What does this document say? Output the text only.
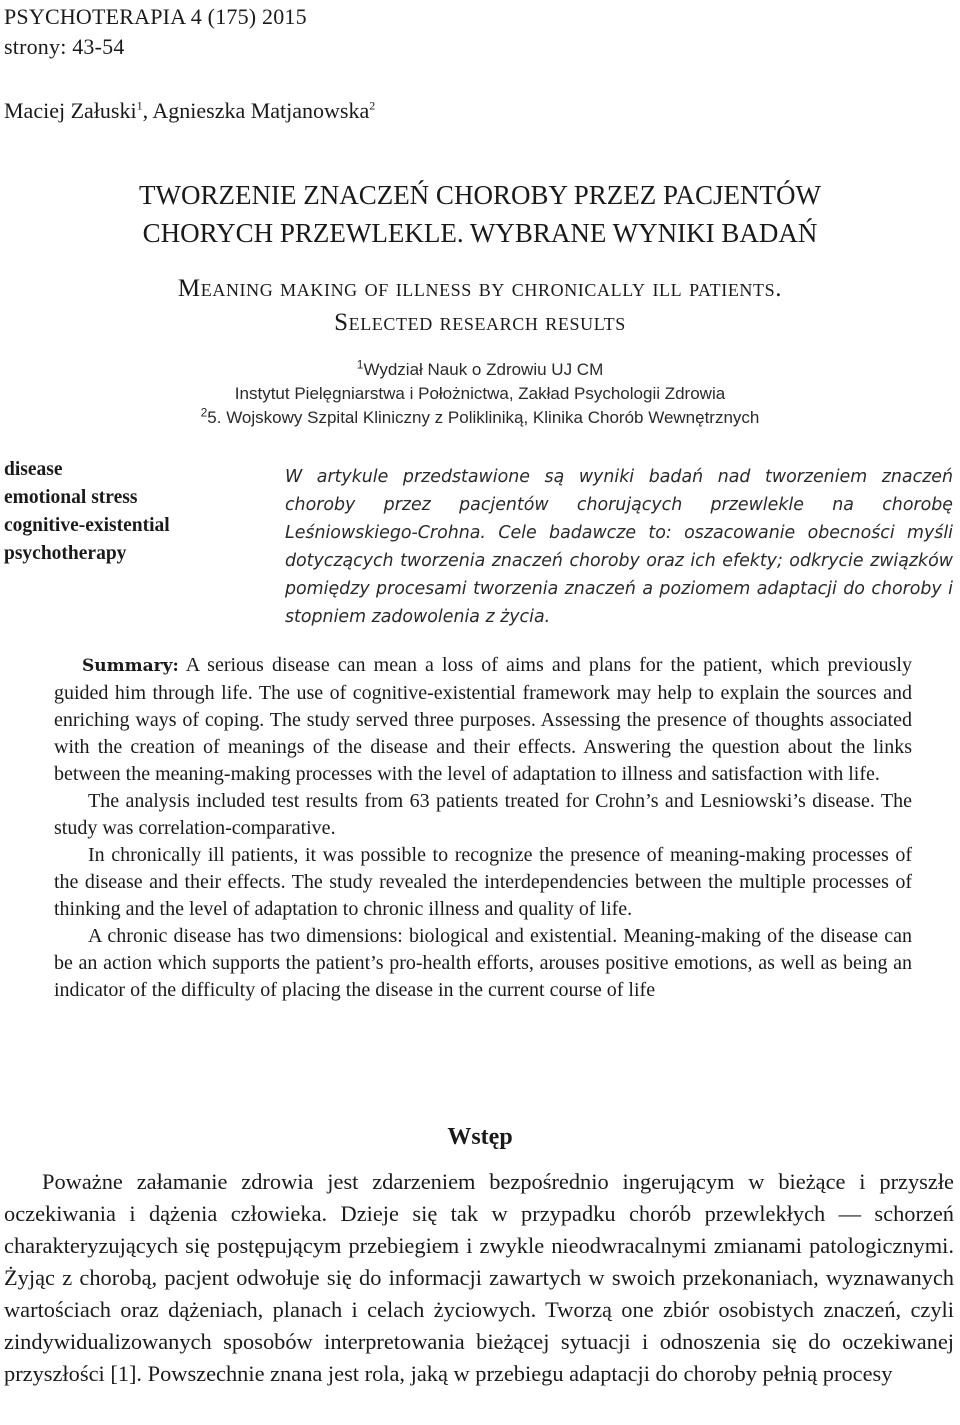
PSYCHOTERAPIA 4 (175) 2015
strony: 43-54
Maciej Załuski$^1$, Agnieszka Matjanowska$^2$
TWORZENIE ZNACZEŃ CHOROBY PRZEZ PACJENTÓW
CHORYCH PRZEWLEKLE. WYBRANE WYNIKI BADAŃ
Meaning making of illness by chronically ill patients.
Selected research results
$^1$Wydział Nauk o Zdrowiu UJ CM
Instytut Pielęgniarstwa i Położnictwa, Zakład Psychologii Zdrowia
$^2$5. Wojskowy Szpital Kliniczny z Polikliniką, Klinika Chorób Wewnętrznych
disease
emotional stress
cognitive-existential
psychotherapy
W artykule przedstawione są wyniki badań nad tworzeniem znaczeń choroby przez pacjentów chorujących przewlekle na chorobę Leśniowskiego-Crohna. Cele badawcze to: oszacowanie obecności myśli dotyczących tworzenia znaczeń choroby oraz ich efekty; odkrycie związków pomiędzy procesami tworzenia znaczeń a poziomem adaptacji do choroby i stopniem zadowolenia z życia.

Summary: A serious disease can mean a loss of aims and plans for the patient, which previously guided him through life. The use of cognitive-existential framework may help to explain the sources and enriching ways of coping. The study served three purposes. Assessing the presence of thoughts associated with the creation of meanings of the disease and their effects. Answering the question about the links between the meaning-making processes with the level of adaptation to illness and satisfaction with life.

The analysis included test results from 63 patients treated for Crohn’s and Lesniowski’s disease. The study was correlation-comparative.

In chronically ill patients, it was possible to recognize the presence of meaning-making processes of the disease and their effects. The study revealed the interdependencies between the multiple processes of thinking and the level of adaptation to chronic illness and quality of life.

A chronic disease has two dimensions: biological and existential. Meaning-making of the disease can be an action which supports the patient’s pro-health efforts, arouses positive emotions, as well as being an indicator of the difficulty of placing the disease in the current course of life

Wstęp

Poważne załamanie zdrowia jest zdarzeniem bezpośrednio ingerującym w bieżące i przyszłe oczekiwania i dążenia człowieka. Dzieje się tak w przypadku chorób przewlekłych — schorzeń charakteryzujących się postępującym przebiegiem i zwykle nieodwracalnymi zmianami patologicznymi. Żyjąc z chorobą, pacjent odwołuje się do informacji zawartych w swoich przekonaniach, wyznawanych wartościach oraz dążeniach, planach i celach życiowych. Tworzą one zbiór osobistych znaczeń, czyli zindywidualizowanych sposobów interpretowania bieżącej sytuacji i odnoszenia się do oczekiwanej przyszłości [1]. Powszechnie znana jest rola, jaką w przebiegu adaptacji do choroby pełnią procesy
